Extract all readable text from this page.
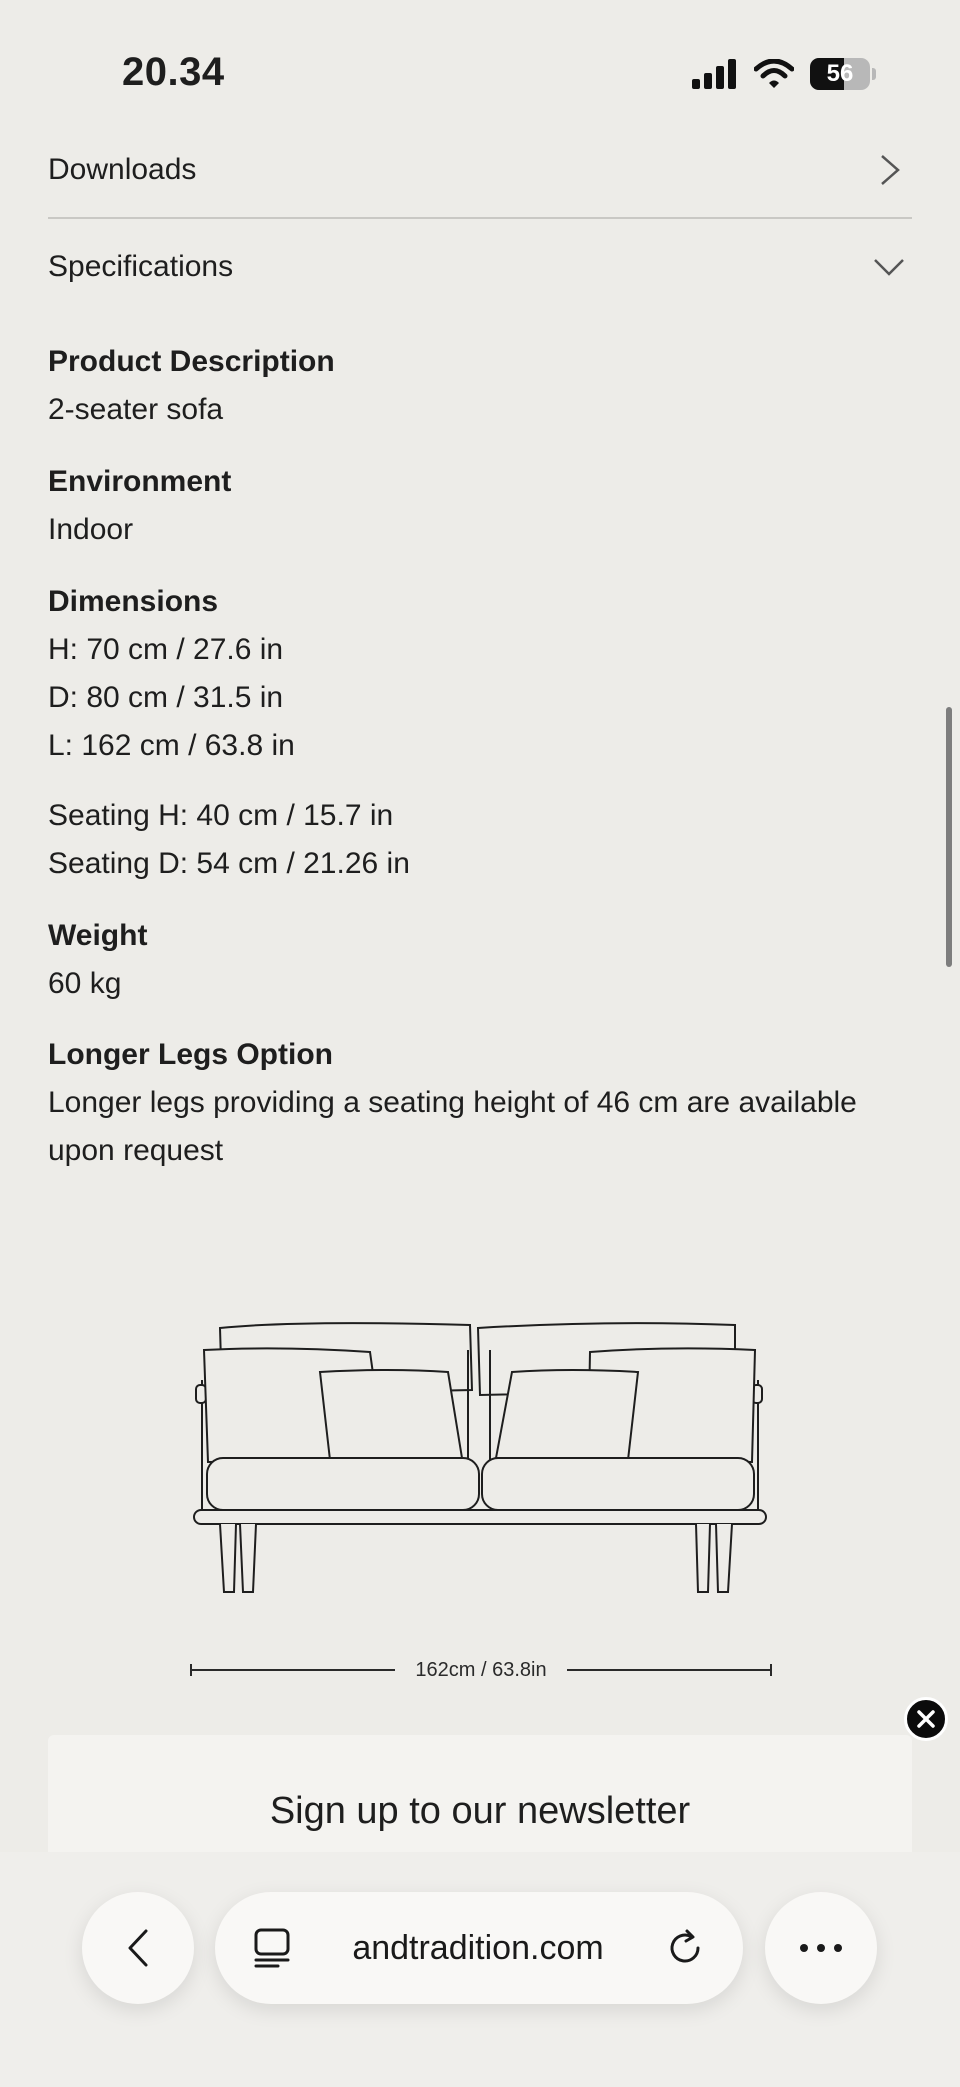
20.34	56
Downloads
Specifications
Product Description
2-seater sofa
Environment
Indoor
Dimensions
H: 70 cm / 27.6 in
D: 80 cm / 31.5 in
L: 162 cm / 63.8 in
Seating H: 40 cm / 15.7 in
Seating D: 54 cm / 21.26 in
Weight
60 kg
Longer Legs Option
Longer legs providing a seating height of 46 cm are available upon request
162cm / 63.8in
Sign up to our newsletter
andtradition.com
